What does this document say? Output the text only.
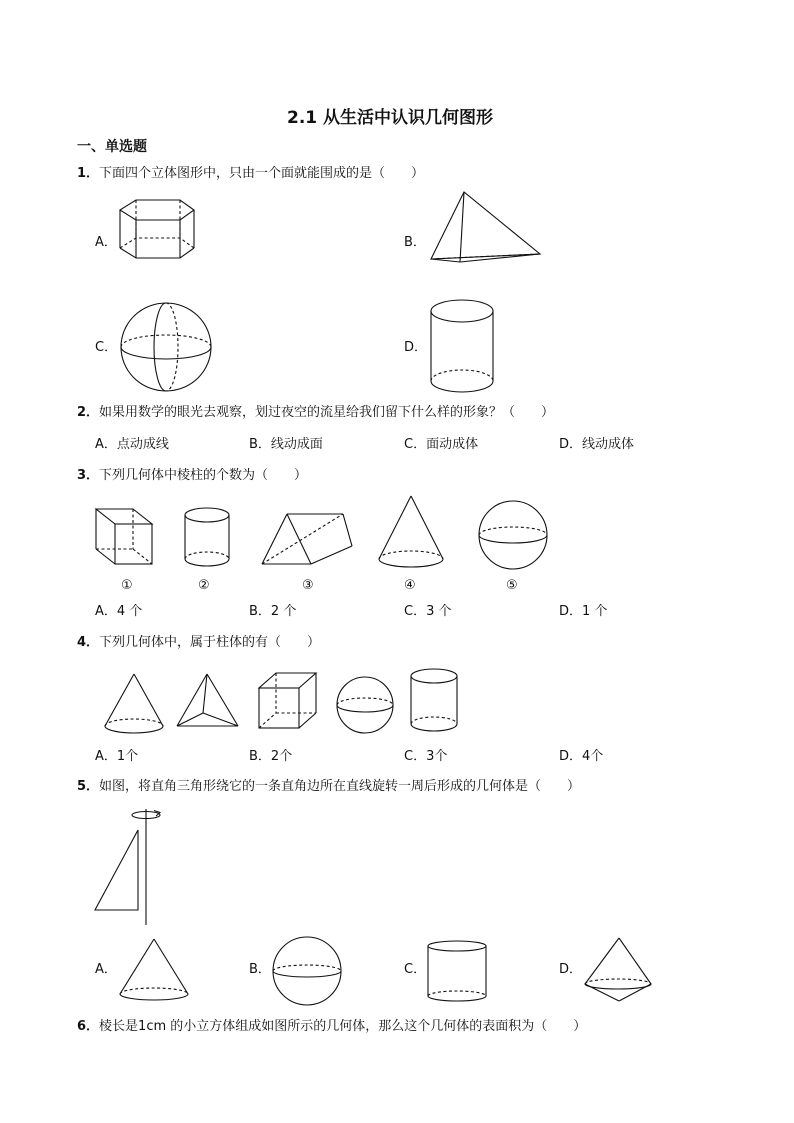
2.1 从生活中认识几何图形
一、单选题
1．下面四个立体图形中，只由一个面就能围成的是（　　）
A．	B．
C．	D．
2．如果用数学的眼光去观察，划过夜空的流星给我们留下什么样的形象？（　　）
A．点动成线	B．线动成面	C．面动成体	D．线动成体
3．下列几何体中棱柱的个数为（　　）
①	②	③	④	⑤
A．4 个	B．2 个	C．3 个	D．1 个
4．下列几何体中，属于柱体的有（　　）
A．1个	B．2个	C．3个	D．4个
5．如图，将直角三角形绕它的一条直角边所在直线旋转一周后形成的几何体是（　　）
A．	B．	C．	D．
6．棱长是1cm 的小立方体组成如图所示的几何体，那么这个几何体的表面积为（　　）
